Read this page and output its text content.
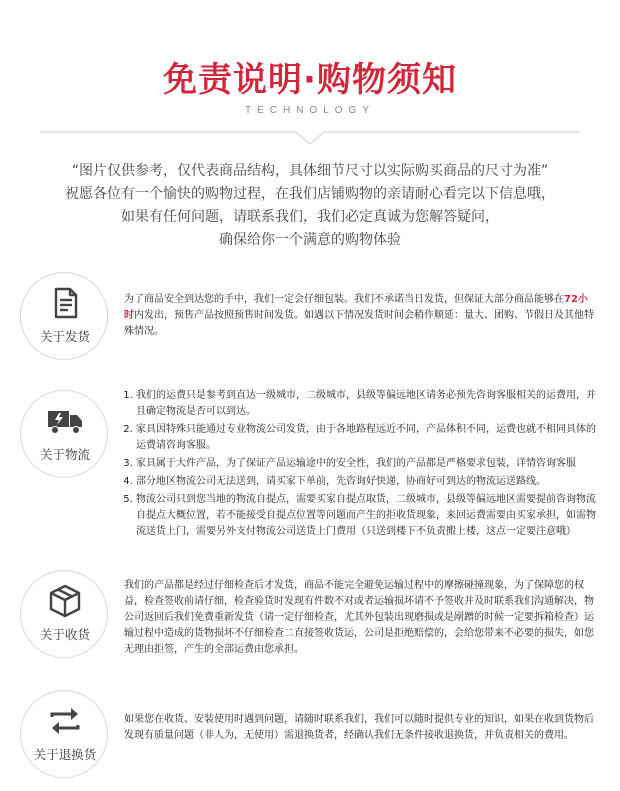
免责说明·购物须知
TECHNOLOGY
“图片仅供参考，仅代表商品结构，具体细节尺寸以实际购买商品的尺寸为准”
祝愿各位有一个愉快的购物过程，在我们店铺购物的亲请耐心看完以下信息哦，
如果有任何问题，请联系我们，我们必定真诚为您解答疑问，
确保给你一个满意的购物体验
关于发货
为了商品安全到达您的手中，我们一定会仔细包装。我们不承诺当日发货，但保证大部分商品能够在72小时内发出，预售产品按照预售时间发货。如遇以下情况发货时间会稍作顺延：量大、团购、节假日及其他特殊情况。
关于物流
1. 我们的运费只是参考到直达一级城市，二级城市，县级等偏远地区请务必预先咨询客服相关的运费用，并且确定物流是否可以到达。
2. 家具因特殊只能通过专业物流公司发货，由于各地路程远近不同，产品体积不同，运费也就不相同具体的运费请咨询客服。
3. 家具属于大件产品，为了保证产品运输途中的安全性，我们的产品都是严格要求包装，详情咨询客服
4. 部分地区物流公司无法送到，请买家下单前，先咨询好快递，协商好可到达的物流运送路线。
5. 物流公司只到您当地的物流自提点，需要买家自提点取货，二级城市，县级等偏远地区需要提前咨询物流自提点大概位置，若不能接受自提点位置等问题而产生的拒收货现象，来回运费需要由买家承担，如需物流送货上门，需要另外支付物流公司送货上门费用（只送到楼下不负责搬上楼，这点一定要注意哦）
关于收货
我们的产品都是经过仔细检查后才发货，商品不能完全避免运输过程中的摩擦碰撞现象，为了保障您的权益，检查签收前请仔细，检查验货时发现有件数不对或者运输损坏请不予签收并及时联系我们沟通解决，物公司返回后我们免费重新发货（请一定仔细检查，尤其外包装出现磨损或是剐蹭的时候一定要拆箱检查）运输过程中造成的货物损坏不仔细检查二直接签收货运，公司是拒绝赔偿的，会给您带来不必要的损失，如您无理由拒签，产生的全部运费由您承担。
关于退换货
如果您在收货、安装使用时遇到问题，请随时联系我们，我们可以随时提供专业的知识，如果在收到货物后发现有质量问题（非人为，无使用）需退换货者，经确认我们无条件接收退换货，并负责相关的费用。
